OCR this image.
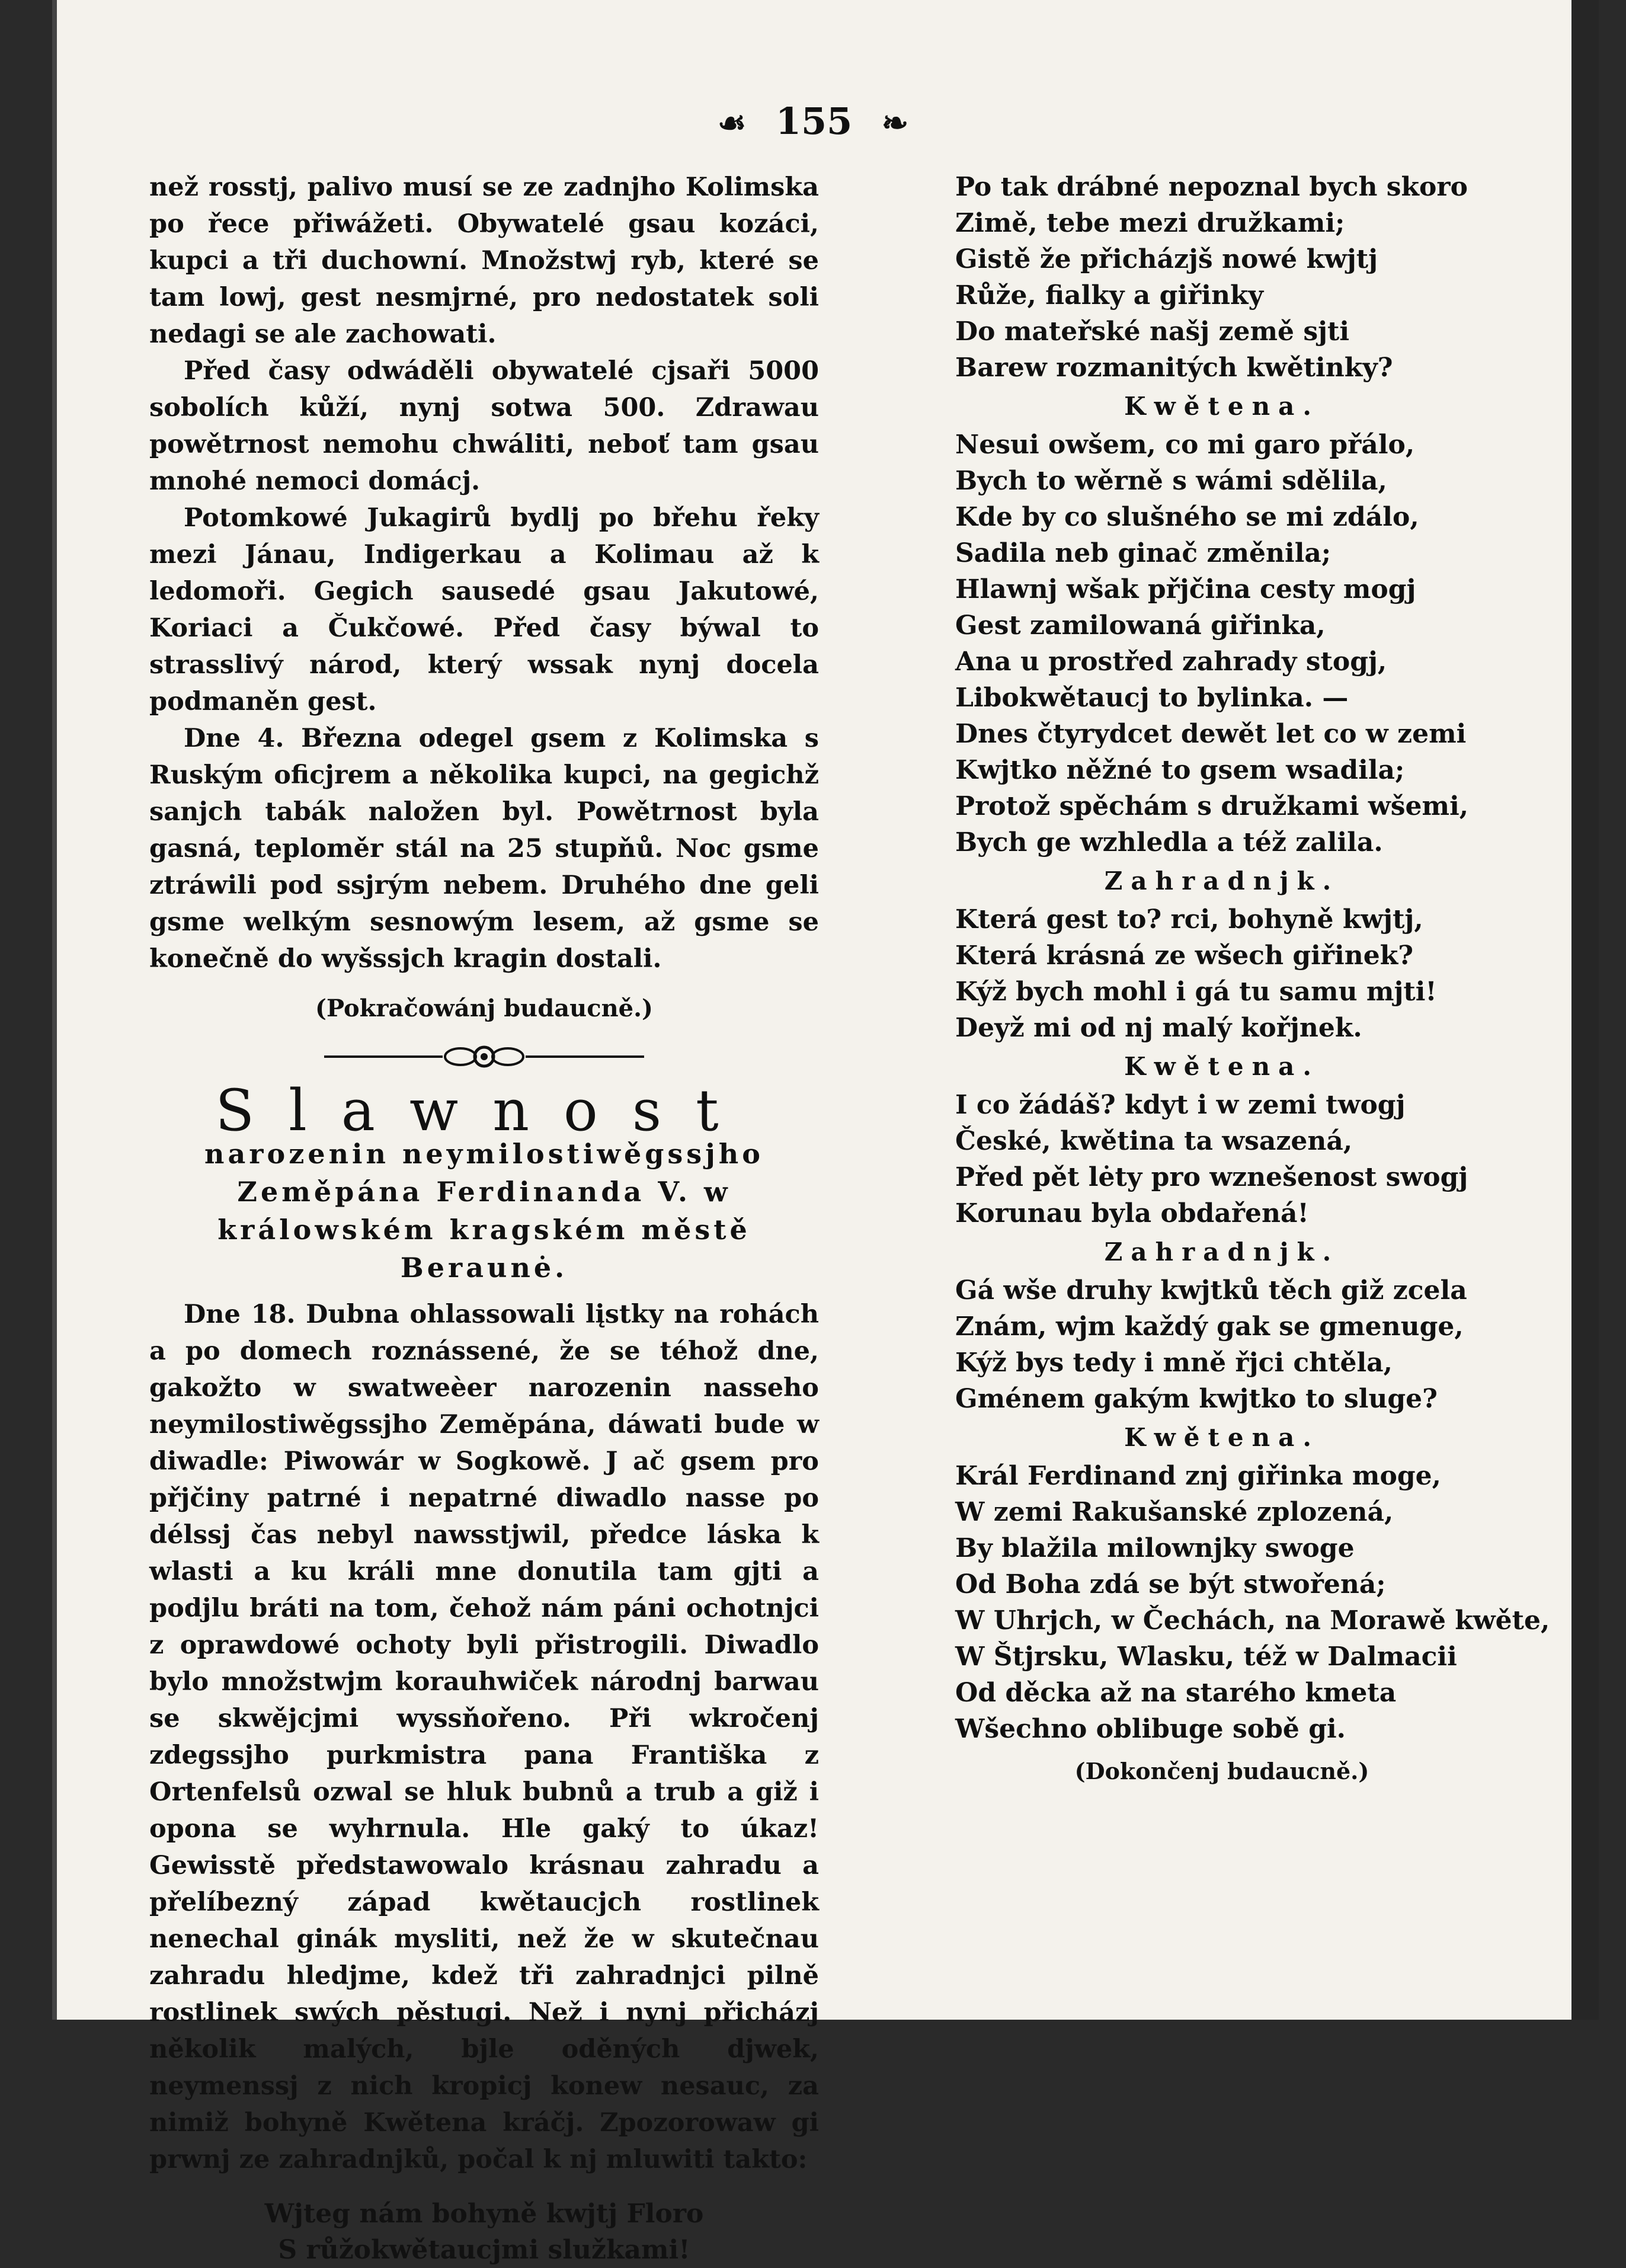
☙ 155 ❧

než rosstj, palivo musí se ze zadnjho Kolimska po řece přiwážeti. Obywatelé gsau kozáci, kupci a tři duchowní. Množstwj ryb, které se tam lowj, gest nesmjrné, pro nedostatek soli nedagi se ale zachowati.

Před časy odwáděli obywatelé cjsaři 5000 sobolích kůží, nynj sotwa 500. Zdrawau powětrnost nemohu chwáliti, neboť tam gsau mnohé nemoci domácj.

Potomkowé Jukagirů bydlj po břehu řeky mezi Jánau, Indigerkau a Kolimau až k ledomoři. Gegich sausedé gsau Jakutowé, Koriaci a Čukčowé. Před časy býwal to strasslivý národ, který wssak nynj docela podmaněn gest.

Dne 4. Března odegel gsem z Kolimska s Ruským oficjrem a několika kupci, na gegichž sanjch tabák naložen byl. Powětrnost byla gasná, teploměr stál na 25 stupňů. Noc gsme ztráwili pod ssjrým nebem. Druhého dne geli gsme welkým sesnowým lesem, až gsme se konečně do wyšssjch kragin dostali.

(Pokračowánj budaucně.)
Slawnost
narozenin neymilostiwěgssjho Zeměpána Ferdinanda V. w králowském kragském městě Beraunė.

Dne 18. Dubna ohlassowali lįstky na rohách a po domech roznássené, že se téhož dne, gakožto w swatweèer narozenin nasseho neymilostiwěgssjho Zeměpána, dáwati bude w diwadle: Piwowár w Sogkowě. J ač gsem pro přjčiny patrné i nepatrné diwadlo nasse po délssj čas nebyl nawsstjwil, předce láska k wlasti a ku králi mne donutila tam gjti a podjlu bráti na tom, čehož nám páni ochotnjci z oprawdowé ochoty byli přistrogili. Diwadlo bylo množstwjm korauhwiček národnj barwau se skwějcjmi wyssňořeno. Při wkročenj zdegssjho purkmistra pana Františka z Ortenfelsů ozwal se hluk bubnů a trub a giž i opona se wyhrnula. Hle gaký to úkaz! Gewisstě předstawowalo krásnau zahradu a přelíbezný západ kwětaucjch rostlinek nenechal ginák mysliti, než že w skutečnau zahradu hledjme, kdež tři zahradnjci pilně rostlinek swých pěstugi. Než i nynj přicházj několik malých, bjle oděných djwek, neymenssj z nich kropicj konew nesauc, za nimiž bohyně Kwětena kráčj. Zpozorowaw gi prwnj ze zahradnjků, počal k nj mluwiti takto:

Wjteg nám bohyně kwjtj Floro
S růžokwětaucjmi služkami!
Po tak drábné nepoznal bych skoro
Zimě, tebe mezi družkami;
Gistě že přicházjš nowé kwjtj
Růže, fialky a giřinky
Do mateřské našj země sjti
Barew rozmanitých kwětinky?
Kwětena.
Nesui owšem, co mi garo přálo,
Bych to wěrně s wámi sdělila,
Kde by co slušného se mi zdálo,
Sadila neb ginač změnila;
Hlawnj wšak přjčina cesty mogj
Gest zamilowaná giřinka,
Ana u prostřed zahrady stogj,
Libokwětaucj to bylinka. —
Dnes čtyrydcet dewět let co w zemi
Kwjtko něžné to gsem wsadila;
Protož spěchám s družkami wšemi,
Bych ge wzhledla a též zalila.
Zahradnjk.
Která gest to? rci, bohyně kwjtj,
Která krásná ze wšech giřinek?
Kýž bych mohl i gá tu samu mjti!
Deyž mi od nj malý kořjnek.
Kwětena.
I co žádáš? kdyt i w zemi twogj
České, kwětina ta wsazená,
Před pět lėty pro wznešenost swogj
Korunau byla obdařená!
Zahradnjk.
Gá wše druhy kwjtků těch giž zcela
Znám, wjm každý gak se gmenuge,
Kýž bys tedy i mně řjci chtěla,
Gménem gakým kwjtko to sluge?
Kwětena.
Král Ferdinand znj giřinka moge,
W zemi Rakušanské zplozená,
By blažila milownjky swoge
Od Boha zdá se být stwořená;
W Uhrjch, w Čechách, na Morawě kwěte,
W Štjrsku, Wlasku, též w Dalmacii
Od děcka až na starého kmeta
Wšechno oblibuge sobě gi.
(Dokončenj budaucně.)
